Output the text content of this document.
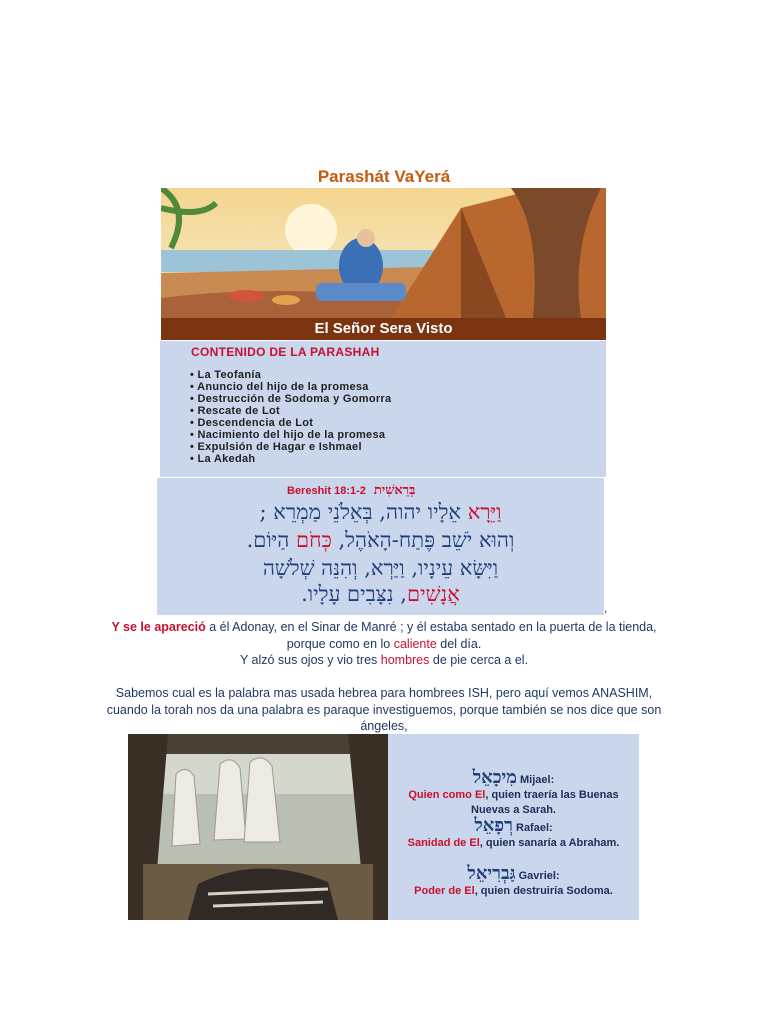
Parashát VaYerá
El Señor Sera Visto
CONTENIDO DE LA PARASHAH
• La Teofanía
• Anuncio del hijo de la promesa
• Destrucción de Sodoma y Gomorra
• Rescate de Lot
• Descendencia de Lot
• Nacimiento del hijo de la promesa
• Expulsión de Hagar e Ishmael
• La Akedah
Bereshit 18:1-2 בְּרֵאשִׁית
וַיֵּרָא אֵלָיו יהוה, בְּאֵלֹנֵי מַמְרֵא ;
וְהוּא יֹשֵׁב פֶּתַח-הָאֹהֶל, כְּחֹם הַיּוֹם.
וַיִּשָּׂא עֵינָיו, וַיַּרְא, וְהִנֵּה שְׁלֹשָׁה
אֲנָשִׁים, נִצָּבִים עָלָיו.
,
Y se le apareció a él Adonay, en el Sinar de Manré ; y él estaba sentado en la puerta de la tienda, porque como en lo caliente del día.
Y alzó sus ojos y vio tres hombres de pie cerca a el.
Sabemos cual es la palabra mas usada hebrea para hombrees ISH, pero aquí vemos ANASHIM, cuando la torah nos da una palabra es paraque investiguemos, porque también se nos dice que son ángeles,
מִיכָאֵל Mijael:
Quien como El, quien traería las Buenas Nuevas a Sarah.
רְפָאֵל Rafael:
Sanidad de El, quien sanaría a Abraham.
גַּבְרִיאֵל Gavriel:
Poder de El, quien destruiría Sodoma.
